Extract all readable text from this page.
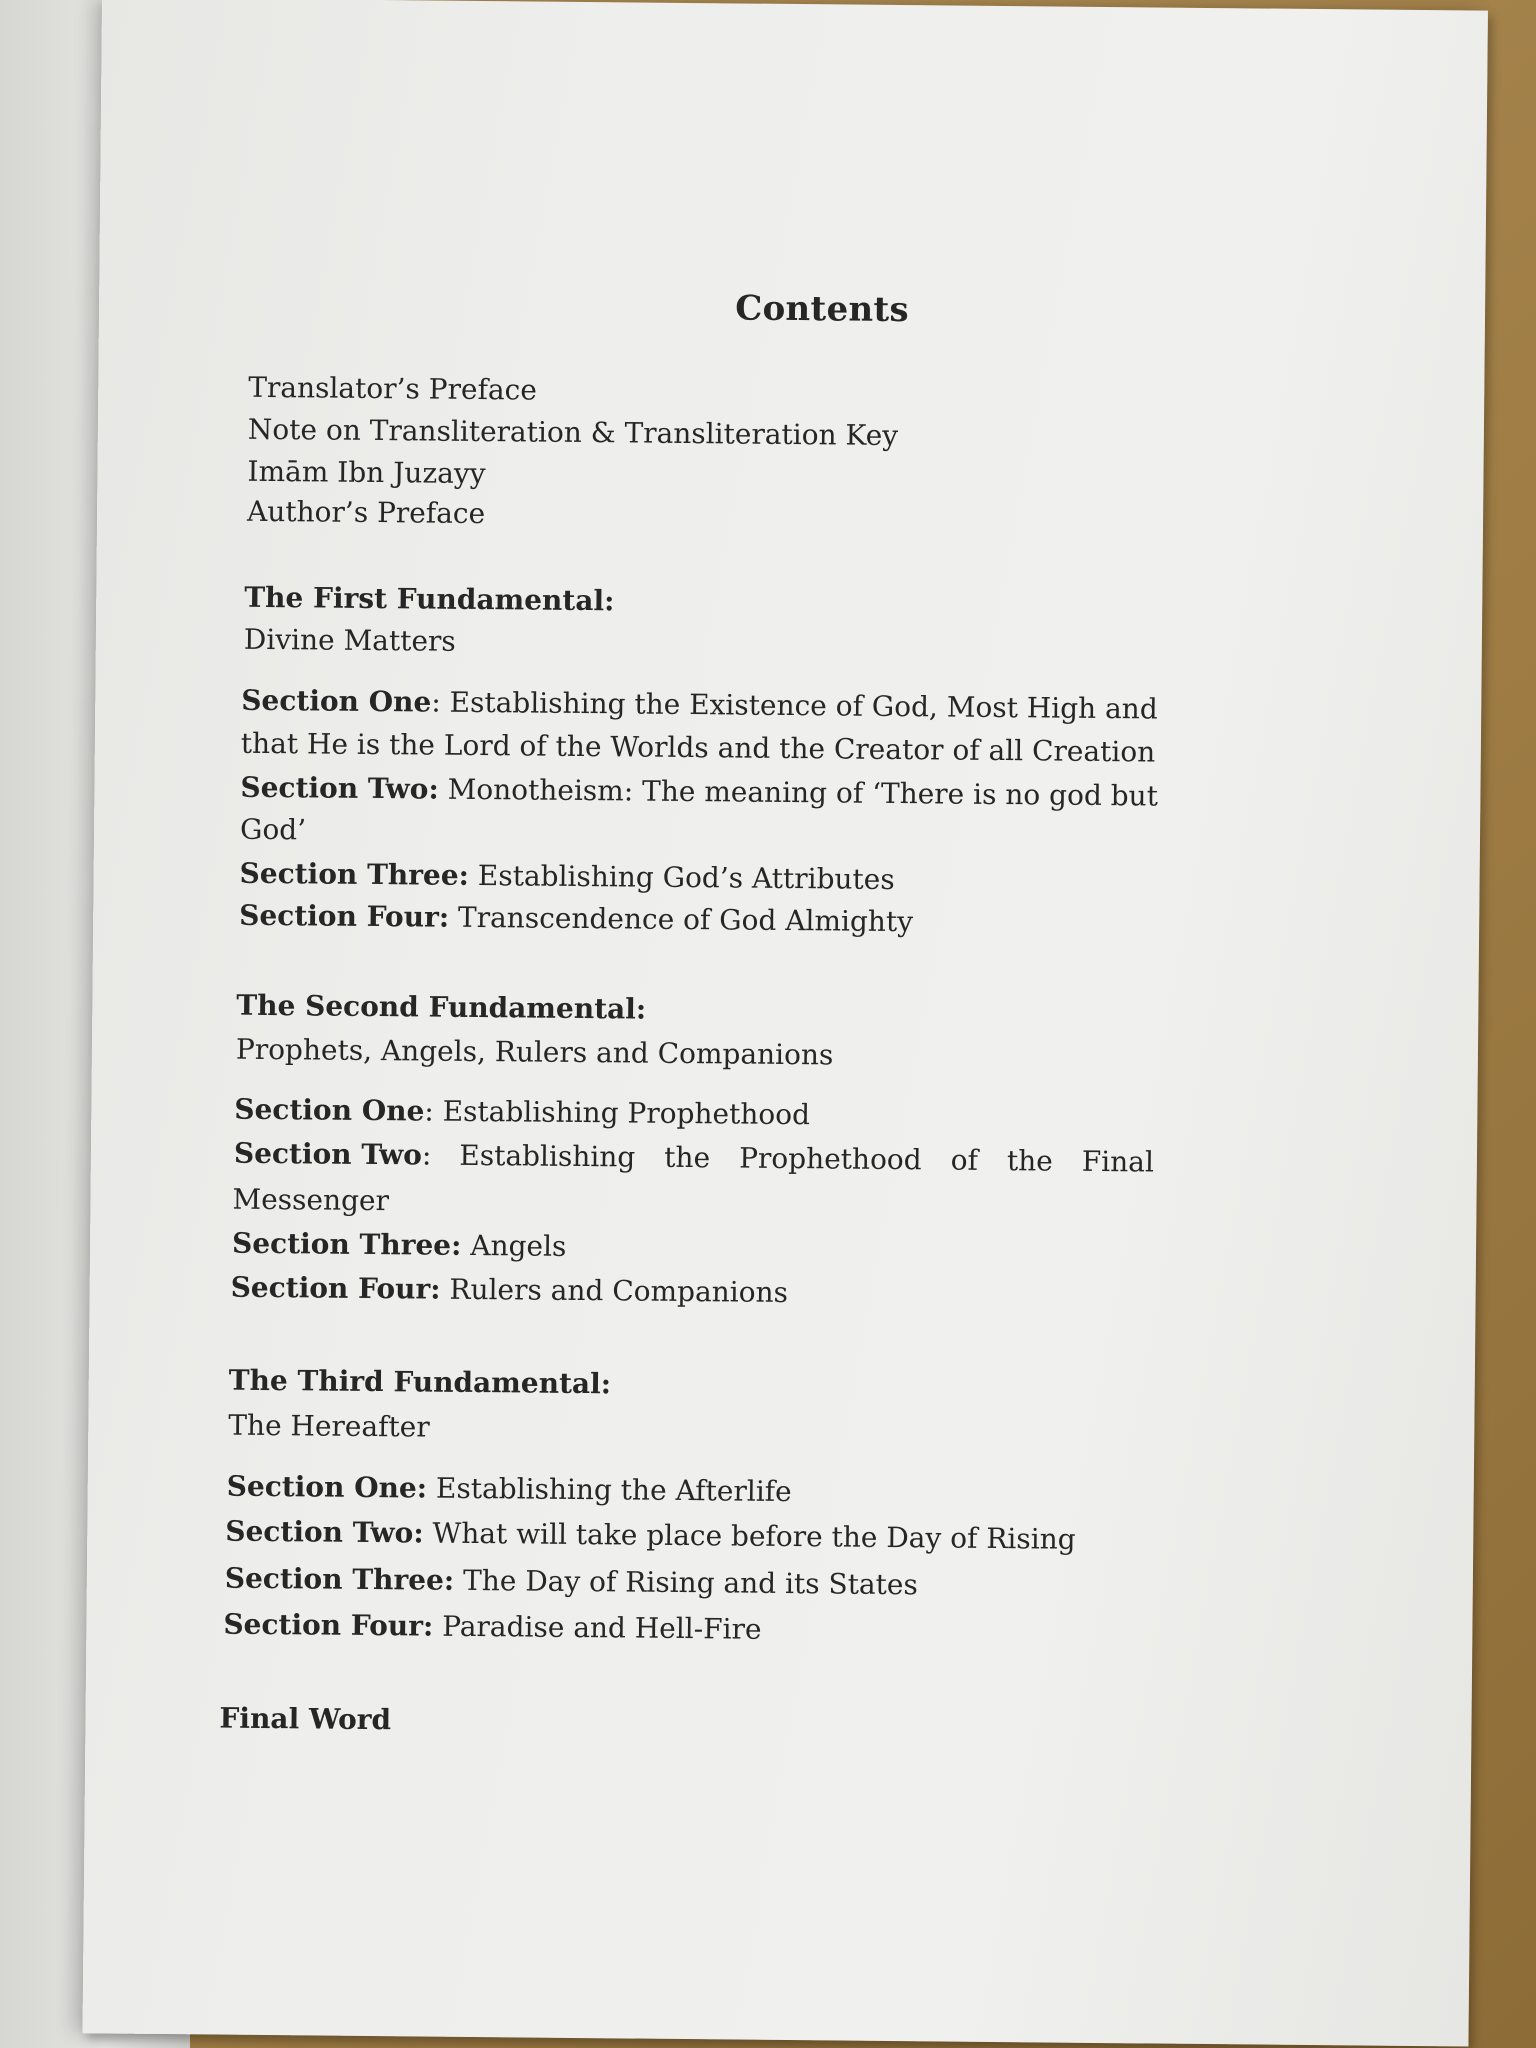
Contents
Translator’s Preface
Note on Transliteration & Transliteration Key
Imām Ibn Juzayy
Author’s Preface
The First Fundamental:
Divine Matters
Section One: Establishing the Existence of God, Most High and
that He is the Lord of the Worlds and the Creator of all Creation
Section Two: Monotheism: The meaning of ‘There is no god but
God’
Section Three: Establishing God’s Attributes
Section Four: Transcendence of God Almighty
The Second Fundamental:
Prophets, Angels, Rulers and Companions
Section One: Establishing Prophethood
Section Two: Establishing the Prophethood of the Final
Messenger
Section Three: Angels
Section Four: Rulers and Companions
The Third Fundamental:
The Hereafter
Section One: Establishing the Afterlife
Section Two: What will take place before the Day of Rising
Section Three: The Day of Rising and its States
Section Four: Paradise and Hell-Fire
Final Word
